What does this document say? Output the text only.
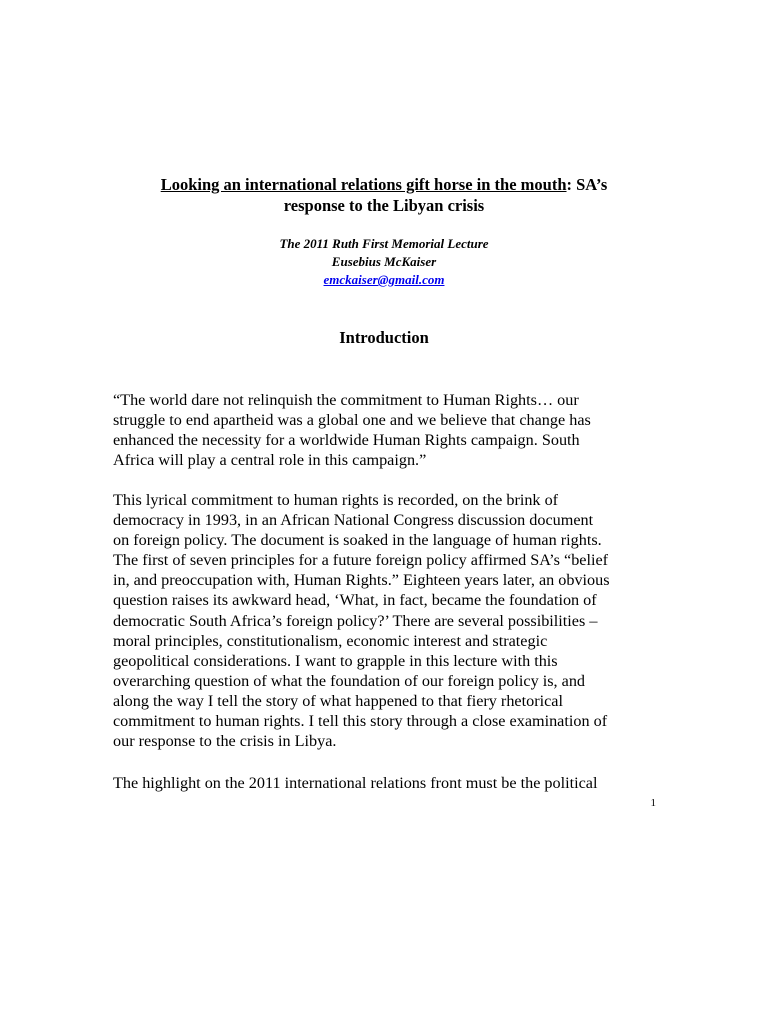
Looking an international relations gift horse in the mouth: SA’s
response to the Libyan crisis
The 2011 Ruth First Memorial Lecture
Eusebius McKaiser
emckaiser@gmail.com
Introduction
“The world dare not relinquish the commitment to Human Rights… our
struggle to end apartheid was a global one and we believe that change has
enhanced the necessity for a worldwide Human Rights campaign. South
Africa will play a central role in this campaign.”
This lyrical commitment to human rights is recorded, on the brink of
democracy in 1993, in an African National Congress discussion document
on foreign policy. The document is soaked in the language of human rights.
The first of seven principles for a future foreign policy affirmed SA’s “belief
in, and preoccupation with, Human Rights.” Eighteen years later, an obvious
question raises its awkward head, ‘What, in fact, became the foundation of
democratic South Africa’s foreign policy?’ There are several possibilities –
moral principles, constitutionalism, economic interest and strategic
geopolitical considerations. I want to grapple in this lecture with this
overarching question of what the foundation of our foreign policy is, and
along the way I tell the story of what happened to that fiery rhetorical
commitment to human rights. I tell this story through a close examination of
our response to the crisis in Libya.
The highlight on the 2011 international relations front must be the political
1
